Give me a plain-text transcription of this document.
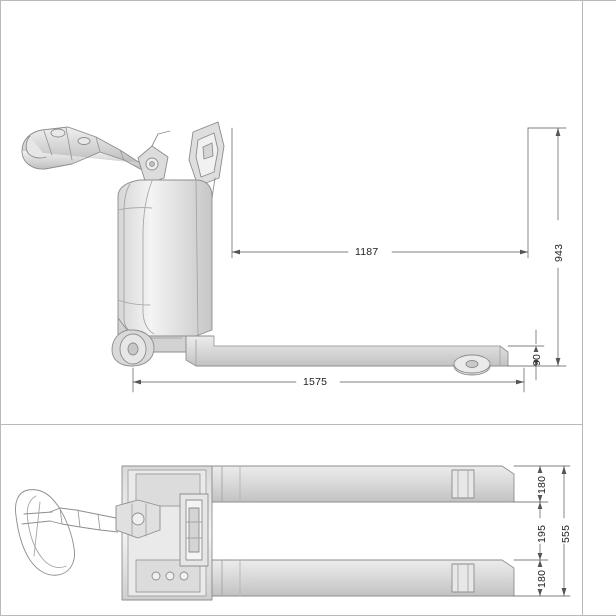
1187	943
90
1575
180
195 555
180
